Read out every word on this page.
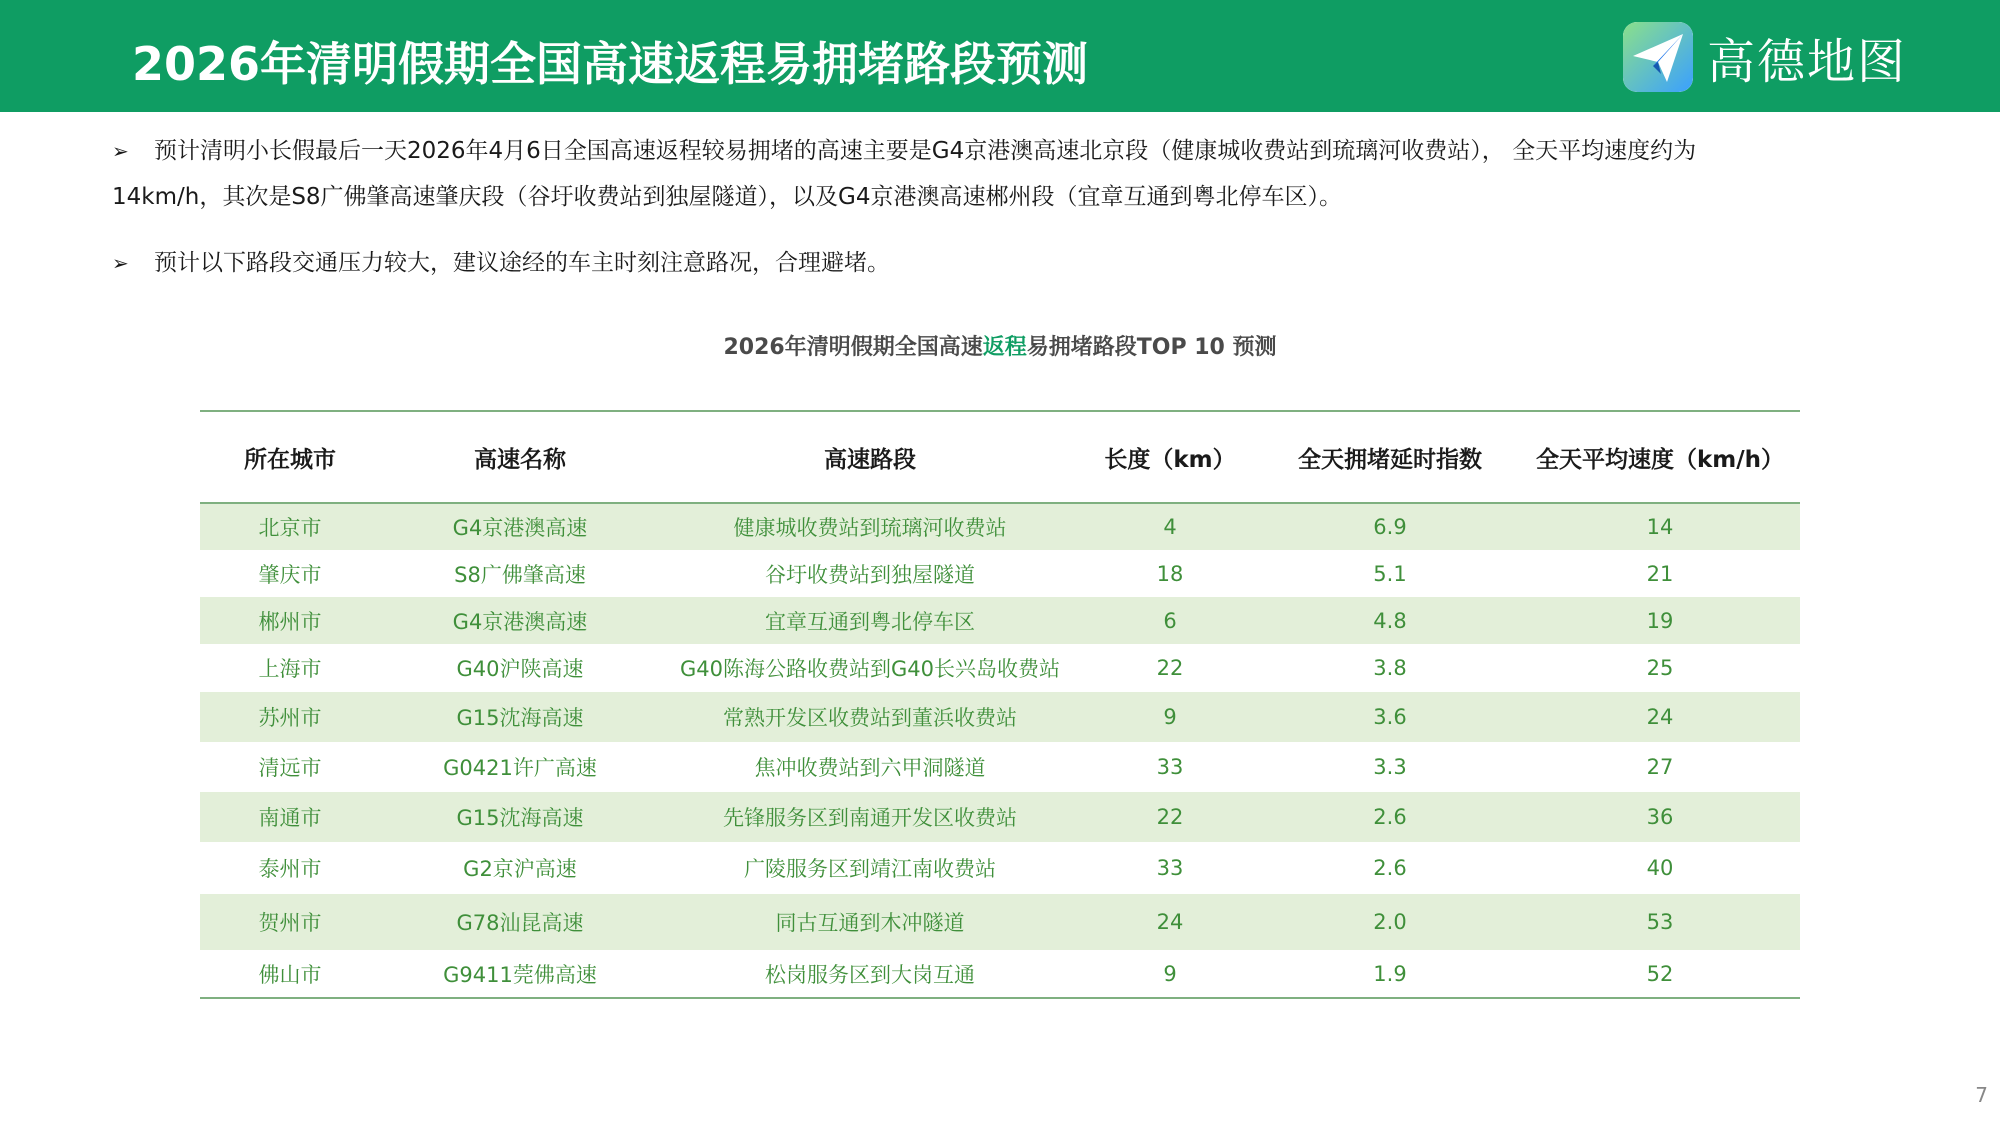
2026年清明假期全国高速返程易拥堵路段预测	高德地图
➢	预计清明小长假最后一天2026年4月6日全国高速返程较易拥堵的高速主要是G4京港澳高速北京段（健康城收费站到琉璃河收费站）， 全天平均速度约为
14km/h，其次是S8广佛肇高速肇庆段（谷圩收费站到独屋隧道），以及G4京港澳高速郴州段（宜章互通到粤北停车区）。
➢	预计以下路段交通压力较大，建议途经的车主时刻注意路况，合理避堵。
2026年清明假期全国高速返程易拥堵路段TOP 10 预测
所在城市	高速名称	高速路段	长度（km）	全天拥堵延时指数	全天平均速度（km/h）
北京市	G4京港澳高速	健康城收费站到琉璃河收费站	4	6.9	14
肇庆市	S8广佛肇高速	谷圩收费站到独屋隧道	18	5.1	21
郴州市	G4京港澳高速	宜章互通到粤北停车区	6	4.8	19
上海市	G40沪陕高速	G40陈海公路收费站到G40长兴岛收费站	22	3.8	25
苏州市	G15沈海高速	常熟开发区收费站到董浜收费站	9	3.6	24
清远市	G0421许广高速	焦冲收费站到六甲洞隧道	33	3.3	27
南通市	G15沈海高速	先锋服务区到南通开发区收费站	22	2.6	36
泰州市	G2京沪高速	广陵服务区到靖江南收费站	33	2.6	40
贺州市	G78汕昆高速	同古互通到木冲隧道	24	2.0	53
佛山市	G9411莞佛高速	松岗服务区到大岗互通	9	1.9	52
7
